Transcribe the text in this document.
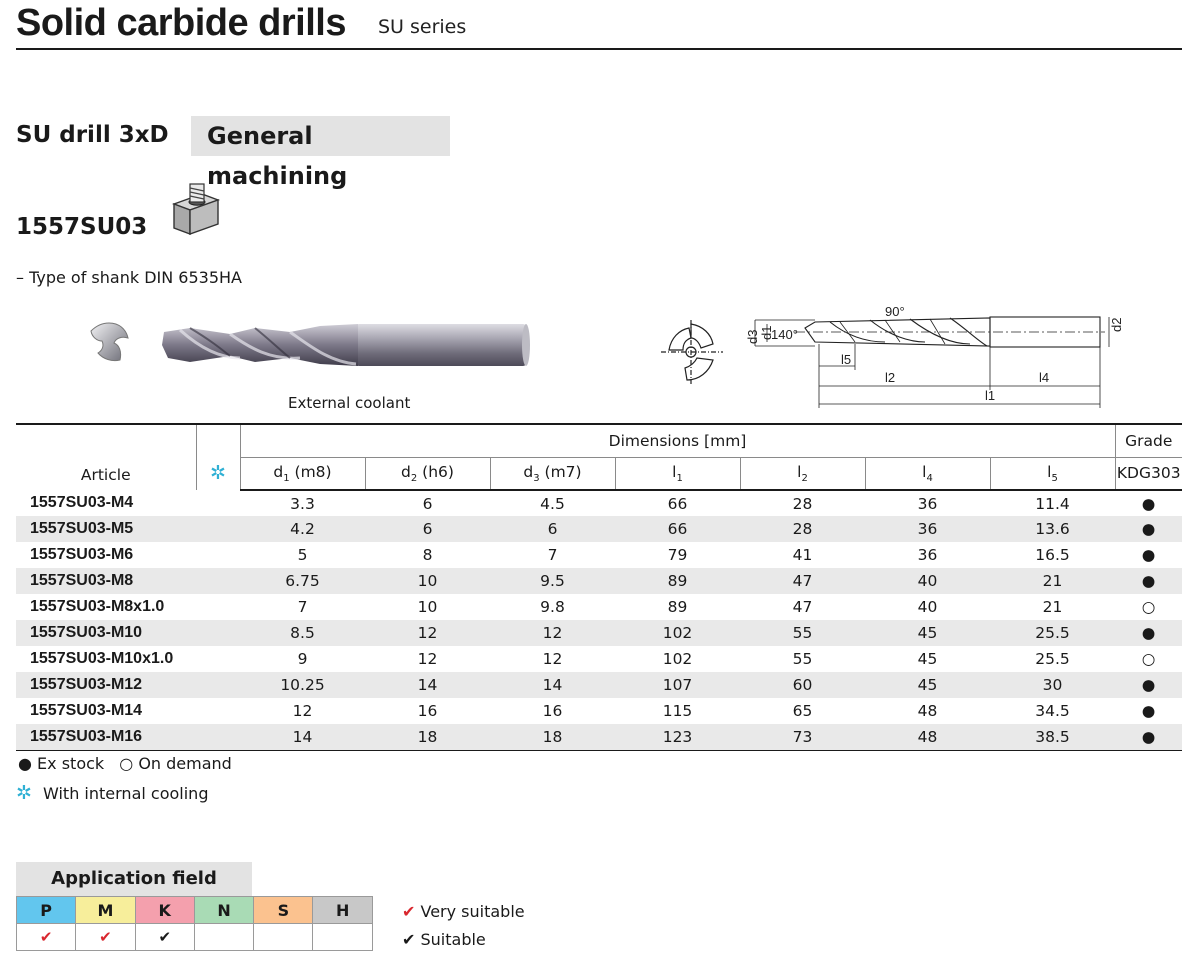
Solid carbide drills SU series
SU drill 3xD	General machining
1557SU03
– Type of shank DIN 6535HA
External coolant
d3 d1
d2
140°
90°
l5
l2	l4
l1
Article	✲	Dimensions [mm]							Grade
		$d_1$ (m8)	$d_2$ (h6)	$d_3$ (m7)	$l_1$	$l_2$	$l_4$	$l_5$	KDG303
1557SU03-M4		3.3	6	4.5	66	28	36	11.4	●
1557SU03-M5		4.2	6	6	66	28	36	13.6	●
1557SU03-M6		5	8	7	79	41	36	16.5	●
1557SU03-M8		6.75	10	9.5	89	47	40	21	●
1557SU03-M8x1.0		7	10	9.8	89	47	40	21	○
1557SU03-M10		8.5	12	12	102	55	45	25.5	●
1557SU03-M10x1.0		9	12	12	102	55	45	25.5	○
1557SU03-M12		10.25	14	14	107	60	45	30	●
1557SU03-M14		12	16	16	115	65	48	34.5	●
1557SU03-M16		14	18	18	123	73	48	38.5	●
● Ex stock ○ On demand
✲ With internal cooling
Application field
P	M	K	N	S	H
✔	✔	✔			
✔ Very suitable
✔ Suitable
